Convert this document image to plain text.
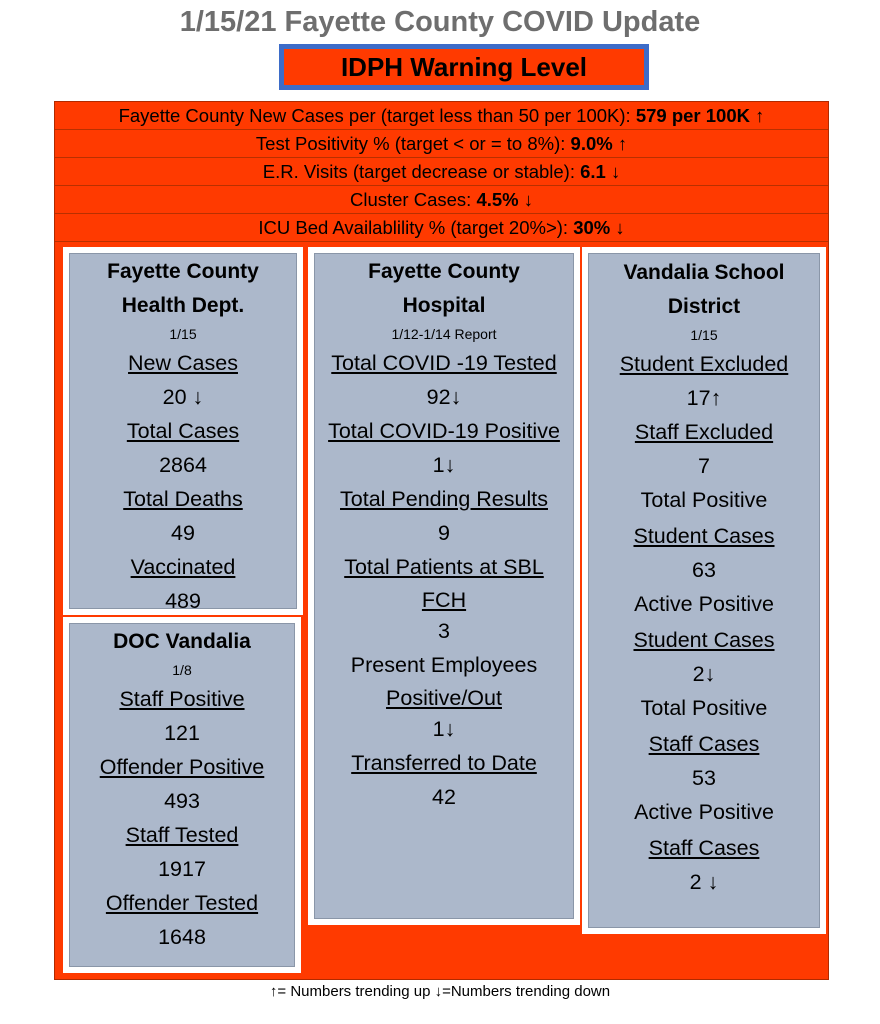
1/15/21 Fayette County COVID Update
IDPH Warning Level
Fayette County New Cases per (target less than 50 per 100K): 579 per 100K ↑
Test Positivity % (target < or = to 8%): 9.0% ↑
E.R. Visits (target decrease or stable): 6.1 ↓
Cluster Cases: 4.5% ↓
ICU Bed Availablility % (target 20%>): 30% ↓
Fayette County
Health Dept.
1/15
New Cases
20 ↓
Total Cases
2864
Total Deaths
49
Vaccinated
489
DOC Vandalia
1/8
Staff Positive
121
Offender Positive
493
Staff Tested
1917
Offender Tested
1648
Fayette County
Hospital
1/12-1/14 Report
Total COVID -19 Tested
92↓
Total COVID-19 Positive
1↓
Total Pending Results
9
Total Patients at SBL
FCH
3
Present Employees
Positive/Out
1↓
Transferred to Date
42
Vandalia School
District
1/15
Student Excluded
17↑
Staff Excluded
7
Total Positive
Student Cases
63
Active Positive
Student Cases
2↓
Total Positive
Staff Cases
53
Active Positive
Staff Cases
2 ↓
↑= Numbers trending up ↓=Numbers trending down
